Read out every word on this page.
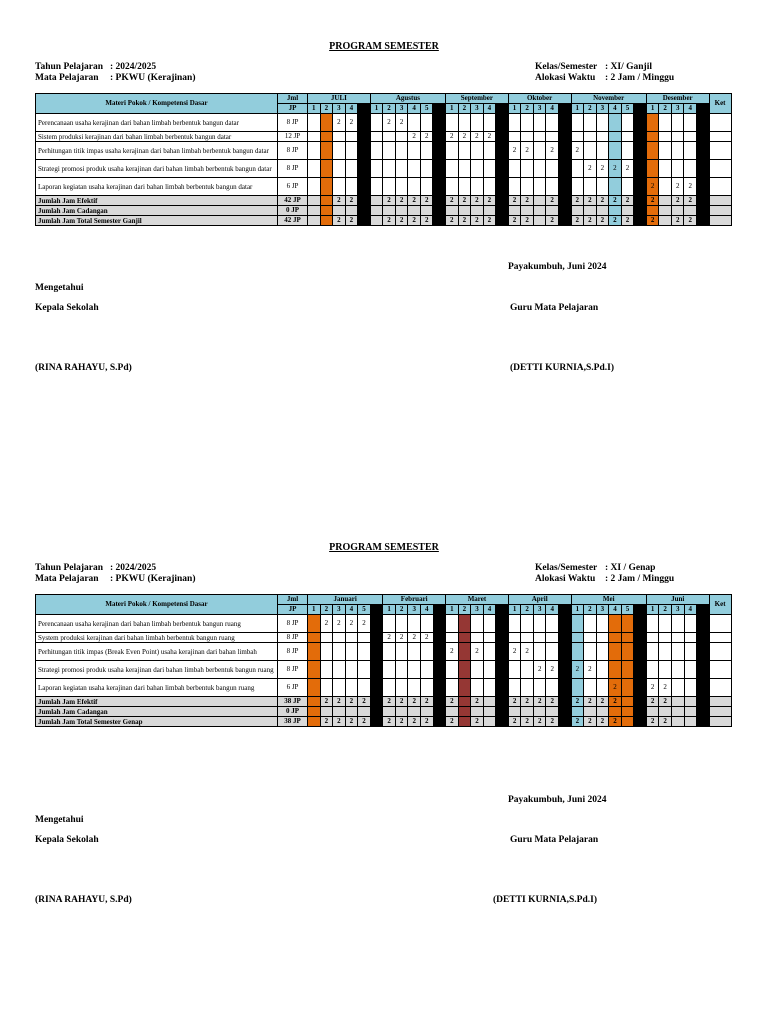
PROGRAM SEMESTER
Tahun Pelajaran : 2024/2025
Mata Pelajaran : PKWU (Kerajinan)
Kelas/Semester : XI/ Ganjil
Alokasi Waktu : 2 Jam / Minggu
Materi Pokok / Kompetensi Dasar	Jml	JULI					Agustus						September					Oktober					November						Desember					Ket
	JP	1	2	3	4		1	2	3	4	5		1	2	3	4		1	2	3	4		1	2	3	4	5		1	2	3	4		
Perencanaan usaha kerajinan dari bahan limbah berbentuk bangun datar	8 JP			2	2			2	2																									
Sistem produksi kerajinan dari bahan limbah berbentuk bangun datar	12 JP									2	2		2	2	2	2																		
Perhitungan titik impas usaha kerajinan dari bahan limbah berbentuk bangun datar	8 JP																	2	2		2		2											
Strategi promosi produk usaha kerajinan dari bahan limbah berbentuk bangun datar	8 JP																							2	2	2	2							
Laporan kegiatan usaha kerajinan dari bahan limbah berbentuk bangun datar	6 JP																												2		2	2		
Jumlah Jam Efektif	42 JP			2	2			2	2	2	2		2	2	2	2		2	2		2		2	2	2	2	2		2		2	2		
Jumlah Jam Cadangan	0 JP																																	
Jumlah Jam Total Semester Ganjil	42 JP			2	2			2	2	2	2		2	2	2	2		2	2		2		2	2	2	2	2		2		2	2		
Payakumbuh, Juni 2024
Mengetahui
Kepala Sekolah	Guru Mata Pelajaran
(RINA RAHAYU, S.Pd)	(DETTI KURNIA,S.Pd.I)
PROGRAM SEMESTER
Tahun Pelajaran : 2024/2025
Mata Pelajaran : PKWU (Kerajinan)
Kelas/Semester : XI / Genap
Alokasi Waktu : 2 Jam / Minggu
Materi Pokok / Kompetensi Dasar	Jml	Januari						Februari					Maret					April					Mei						Juni					Ket
	JP	1	2	3	4	5		1	2	3	4		1	2	3	4		1	2	3	4		1	2	3	4	5		1	2	3	4		
Perencanaan usaha kerajinan dari bahan limbah berbentuk bangun ruang	8 JP		2	2	2	2																												
System produksi kerajinan dari bahan limbah berbentuk bangun ruang	8 JP							2	2	2	2																							
Perhitungan titik impas (Break Even Point) usaha kerajinan dari bahan limbah	8 JP												2		2			2	2															
Strategi promosi produk usaha kerajinan dari bahan limbah berbentuk bangun ruang	8 JP																			2	2		2	2										
Laporan kegiatan usaha kerajinan dari bahan limbah berbentuk bangun ruang	6 JP																									2			2	2				
Jumlah Jam Efektif	38 JP		2	2	2	2		2	2	2	2		2		2			2	2	2	2		2	2	2	2			2	2				
Jumlah Jam Cadangan	0 JP																																	
Jumlah Jam Total Semester Genap	38 JP		2	2	2	2		2	2	2	2		2		2			2	2	2	2		2	2	2	2			2	2				
Payakumbuh, Juni 2024
Mengetahui
Kepala Sekolah	Guru Mata Pelajaran
(RINA RAHAYU, S.Pd)	(DETTI KURNIA,S.Pd.I)
